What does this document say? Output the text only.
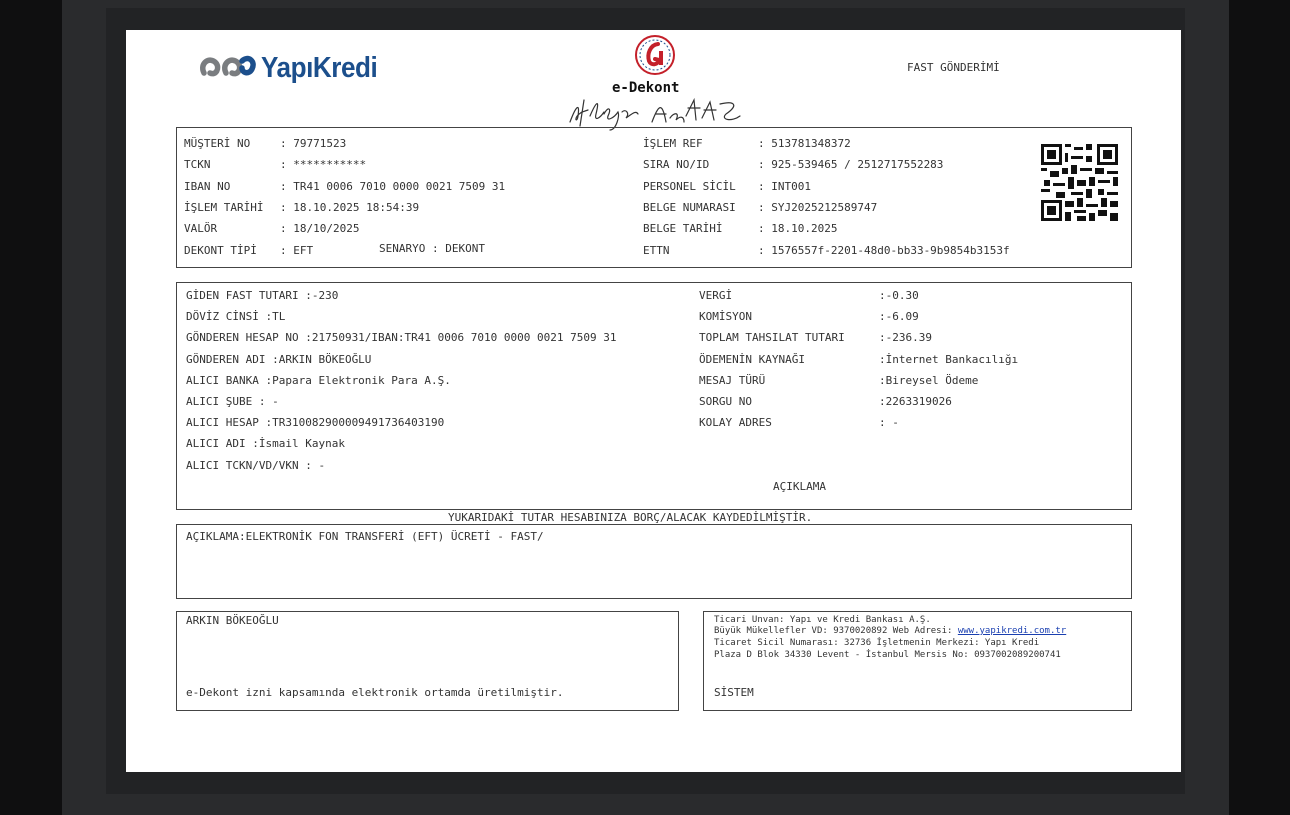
YapıKredi
e-Dekont
FAST GÖNDERİMİ
MÜŞTERİ NO	: 79771523
TCKN	: ***********
IBAN NO	: TR41 0006 7010 0000 0021 7509 31
İŞLEM TARİHİ : 18.10.2025 18:54:39
VALÖR	: 18/10/2025
DEKONT TİPİ : EFT
İŞLEM REF	: 513781348372
SIRA NO/ID	: 925-539465 / 2512717552283
PERSONEL SİCİL : INT001
BELGE NUMARASI : SYJ2025212589747
BELGE TARİHİ	: 18.10.2025
ETTN	: 1576557f-2201-48d0-bb33-9b9854b3153f
SENARYO : DEKONT
GİDEN FAST TUTARI :-230
DÖVİZ CİNSİ :TL
GÖNDEREN HESAP NO :21750931/IBAN:TR41 0006 7010 0000 0021 7509 31
GÖNDEREN ADI :ARKIN BÖKEOĞLU
ALICI BANKA :Papara Elektronik Para A.Ş.
ALICI ŞUBE : -
ALICI HESAP :TR310082900009491736403190
ALICI ADI :İsmail Kaynak
ALICI TCKN/VD/VKN : -
VERGİ	:-0.30
KOMİSYON	:-6.09
TOPLAM TAHSILAT TUTARI	:-236.39
ÖDEMENİN KAYNAĞI	:İnternet Bankacılığı
MESAJ TÜRÜ	:Bireysel Ödeme
SORGU NO	:2263319026
KOLAY ADRES	: -
AÇIKLAMA
YUKARIDAKİ TUTAR HESABINIZA BORÇ/ALACAK KAYDEDİLMİŞTİR.
AÇIKLAMA:ELEKTRONİK FON TRANSFERİ (EFT) ÜCRETİ - FAST/
ARKIN BÖKEOĞLU
e-Dekont izni kapsamında elektronik ortamda üretilmiştir.
Ticari Unvan: Yapı ve Kredi Bankası A.Ş.
Büyük Mükellefler VD: 9370020892 Web Adresi: www.yapikredi.com.tr
Ticaret Sicil Numarası: 32736 İşletmenin Merkezi: Yapı Kredi
Plaza D Blok 34330 Levent - İstanbul Mersis No: 0937002089200741
SİSTEM
